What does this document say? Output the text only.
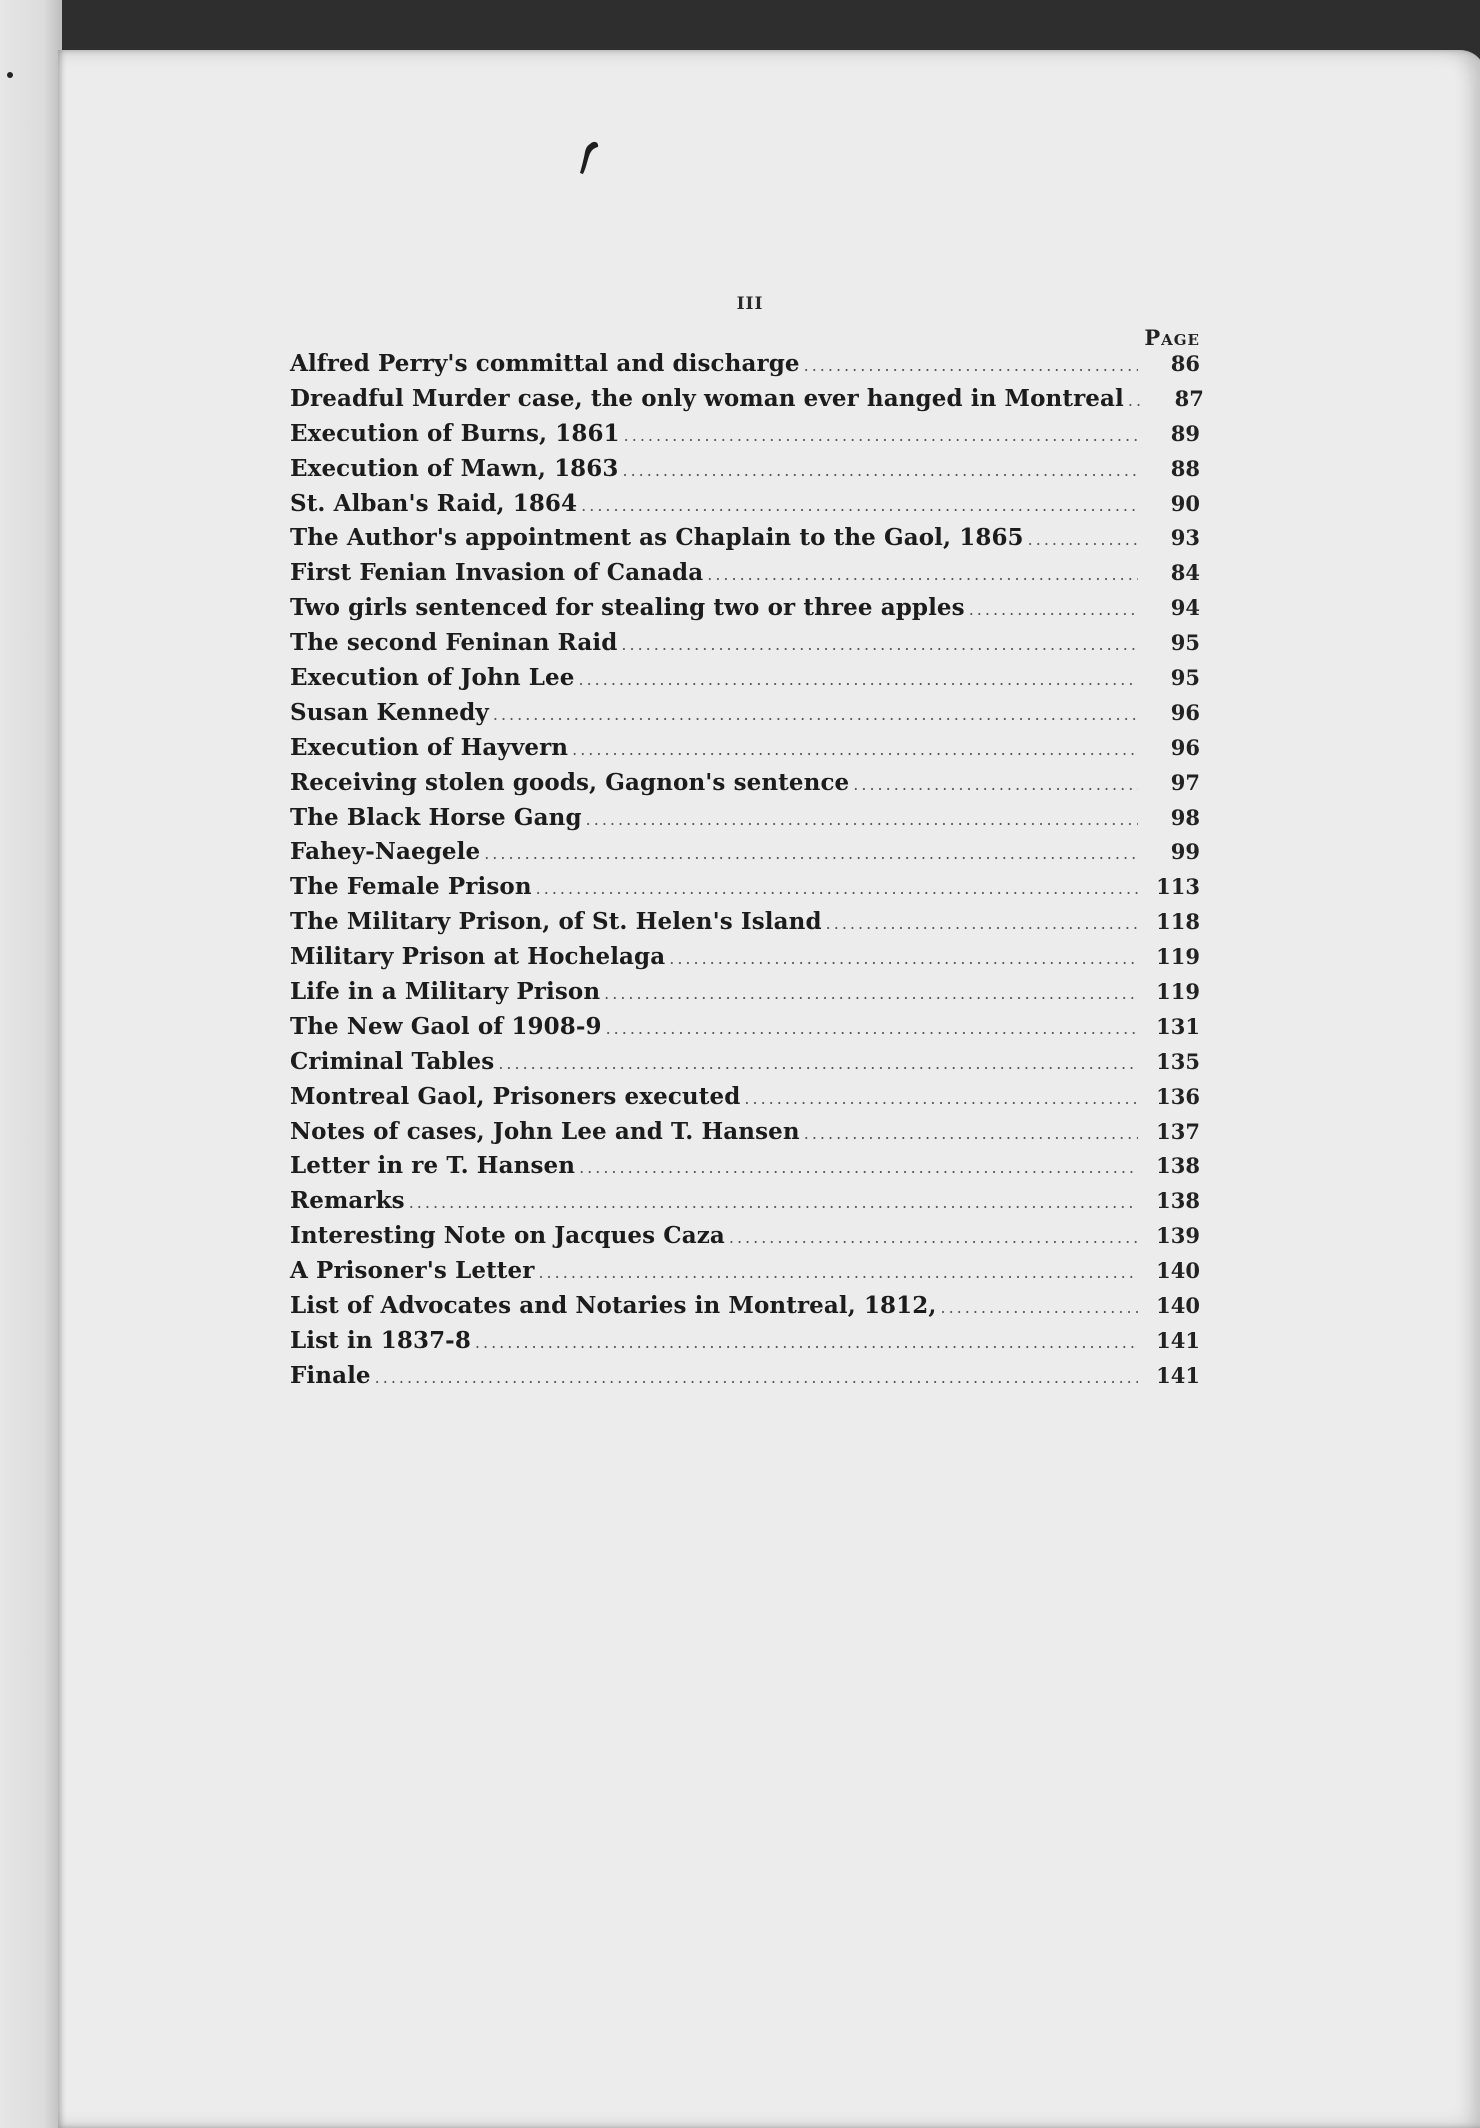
III
Page
Alfred Perry's committal and discharge .....	86
Dreadful Murder case, the only woman ever hanged in Montreal .....	87
Execution of Burns, 1861 .....	89
Execution of Mawn, 1863 .....	88
St. Alban's Raid, 1864 .....	90
The Author's appointment as Chaplain to the Gaol, 1865 .....	93
First Fenian Invasion of Canada .....	84
Two girls sentenced for stealing two or three apples .....	94
The second Feninan Raid .....	95
Execution of John Lee .....	95
Susan Kennedy .....	96
Execution of Hayvern .....	96
Receiving stolen goods, Gagnon's sentence .....	97
The Black Horse Gang .....	98
Fahey-Naegele .....	99
The Female Prison .....	113
The Military Prison, of St. Helen's Island .....	118
Military Prison at Hochelaga .....	119
Life in a Military Prison .....	119
The New Gaol of 1908-9 .....	131
Criminal Tables .....	135
Montreal Gaol, Prisoners executed .....	136
Notes of cases, John Lee and T. Hansen .....	137
Letter in re T. Hansen .....	138
Remarks .....	138
Interesting Note on Jacques Caza .....	139
A Prisoner's Letter .....	140
List of Advocates and Notaries in Montreal, 1812, .....	140
List in 1837-8 .....	141
Finale .....	141
